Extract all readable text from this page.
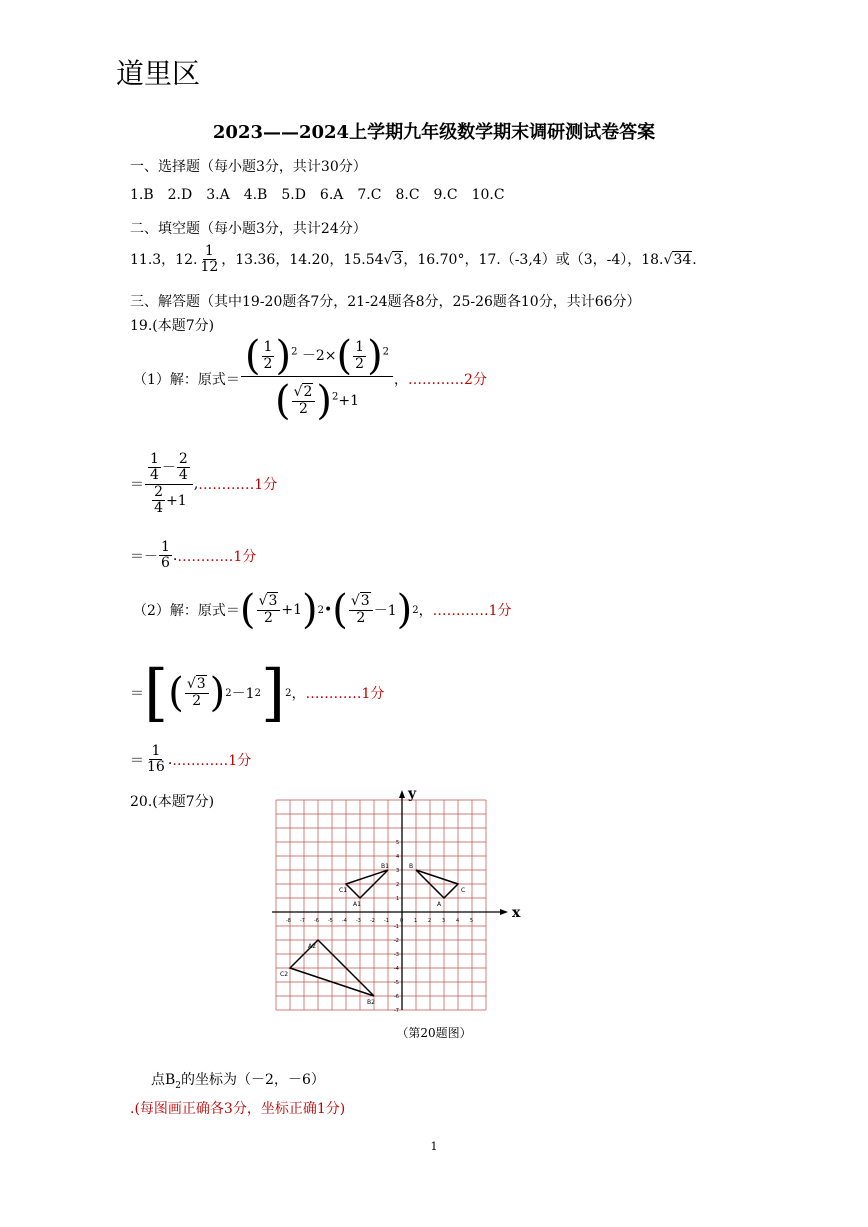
道里区
2023——2024上学期九年级数学期末调研测试卷答案
一、选择题（每小题3分，共计30分）
1.B　2.D　3.A　4.B　5.D　6.A　7.C　8.C　9.C　10.C
二、填空题（每小题3分，共计24分）
11.3，12. $\frac{1}{12}$ ，13.36，14.20，15.54√3，16.70°，17.（-3,4）或（3，-4），18.√34.
三、解答题（其中19-20题各7分，21-24题各8分，25-26题各10分，共计66分）
19.(本题7分)
（1）解：原式＝ $\frac{( \frac{1}{2} )^2 -2\times( \frac{1}{2} )^2}{( \frac{√2}{2} )^2+1}$ ， …………2分
＝ $\frac{\frac{1}{4} - \frac{2}{4}}{\frac{2}{4} +1}$ , …………1分
＝ － $\frac{1}{6}$ . …………1分
（2）解：原式＝ ( $\frac{√3}{2} +1$ ) 2 • ( $\frac{√3}{2} -1$ ) 2 ， …………1分
＝ [ ( $\frac{√3}{2}$ ) 2 －1 2 ] 2 ， …………1分
＝ $\frac{1}{16}$ . …………1分
20.(本题7分)
x
y
-8 -7 -6 -5 -4 -3 -2 -1 0 1 2 3 4 5
5
4
3
2
1
-1
-2
-3
-4
-5
-6
-7
A
B
C
A1
B1
C1
A2
B2
C2
（第20题图）
点$B_2$的坐标为（－2，－6）
.(每图画正确各3分，坐标正确1分)
1
